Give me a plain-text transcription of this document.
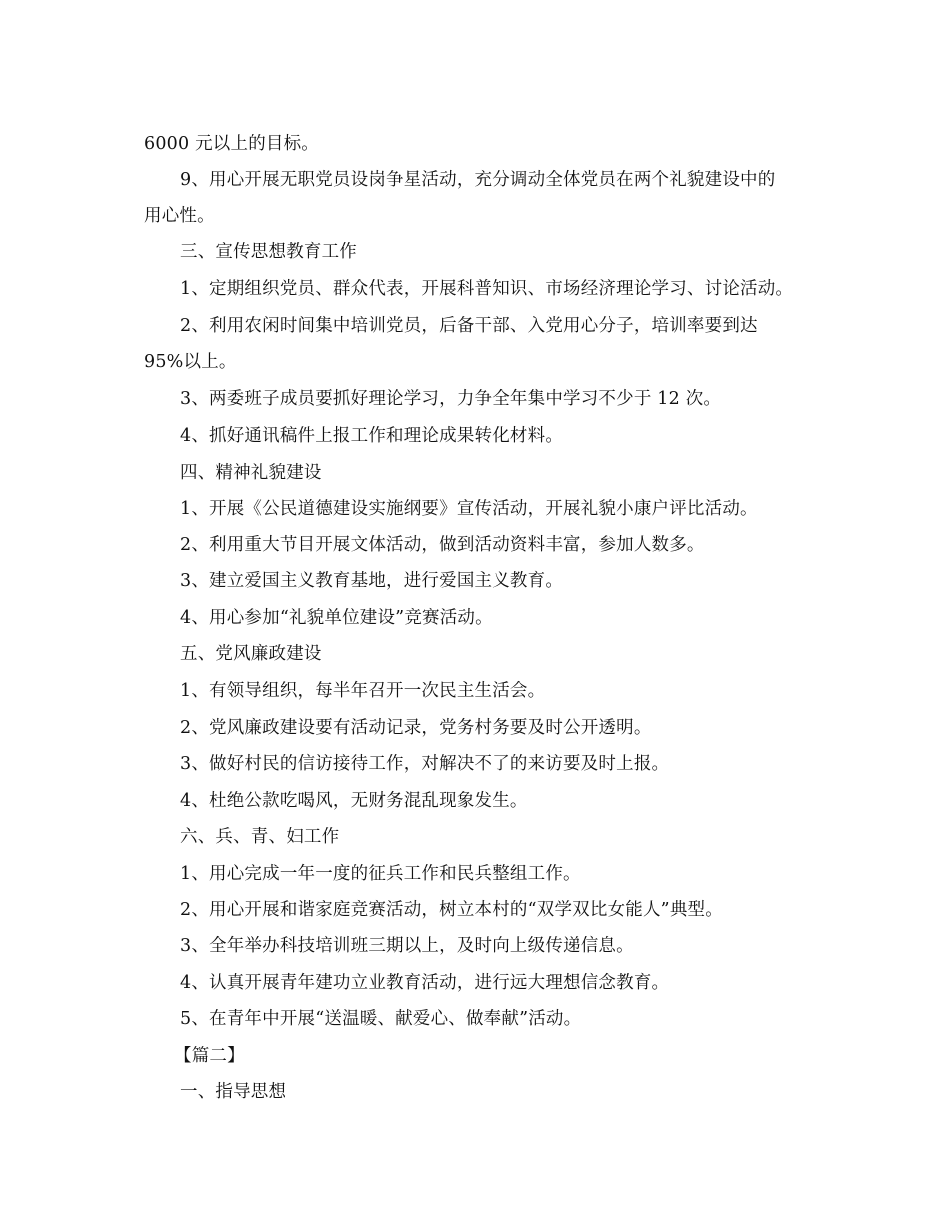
6000 元以上的目标。
9、用心开展无职党员设岗争星活动，充分调动全体党员在两个礼貌建设中的
用心性。
三、宣传思想教育工作
1、定期组织党员、群众代表，开展科普知识、市场经济理论学习、讨论活动。
2、利用农闲时间集中培训党员，后备干部、入党用心分子，培训率要到达
95%以上。
3、两委班子成员要抓好理论学习，力争全年集中学习不少于 12 次。
4、抓好通讯稿件上报工作和理论成果转化材料。
四、精神礼貌建设
1、开展《公民道德建设实施纲要》宣传活动，开展礼貌小康户评比活动。
2、利用重大节目开展文体活动，做到活动资料丰富，参加人数多。
3、建立爱国主义教育基地，进行爱国主义教育。
4、用心参加“礼貌单位建设”竞赛活动。
五、党风廉政建设
1、有领导组织，每半年召开一次民主生活会。
2、党风廉政建设要有活动记录，党务村务要及时公开透明。
3、做好村民的信访接待工作，对解决不了的来访要及时上报。
4、杜绝公款吃喝风，无财务混乱现象发生。
六、兵、青、妇工作
1、用心完成一年一度的征兵工作和民兵整组工作。
2、用心开展和谐家庭竞赛活动，树立本村的“双学双比女能人”典型。
3、全年举办科技培训班三期以上，及时向上级传递信息。
4、认真开展青年建功立业教育活动，进行远大理想信念教育。
5、在青年中开展“送温暖、献爱心、做奉献”活动。
【篇二】
一、指导思想
